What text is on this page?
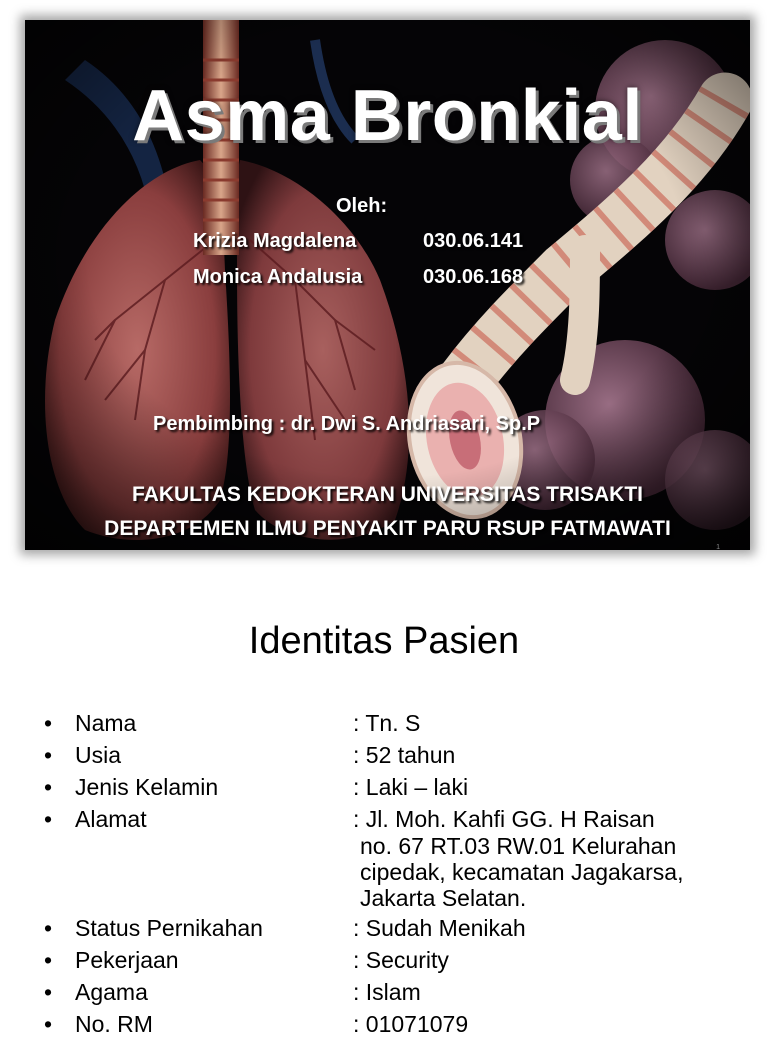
Asma Bronkial
Oleh:
Krizia Magdalena	030.06.141
Monica Andalusia	030.06.168
Pembimbing : dr. Dwi S. Andriasari, Sp.P
FAKULTAS KEDOKTERAN UNIVERSITAS TRISAKTI
DEPARTEMEN ILMU PENYAKIT PARU RSUP FATMAWATI
1
Identitas Pasien
• Nama	: Tn. S
• Usia	: 52 tahun
• Jenis Kelamin	: Laki – laki
• Alamat	: Jl. Moh. Kahfi GG. H Raisan
no. 67 RT.03 RW.01 Kelurahan
cipedak, kecamatan Jagakarsa,
Jakarta Selatan.
• Status Pernikahan	: Sudah Menikah
• Pekerjaan	: Security
• Agama	: Islam
• No. RM	: 01071079
